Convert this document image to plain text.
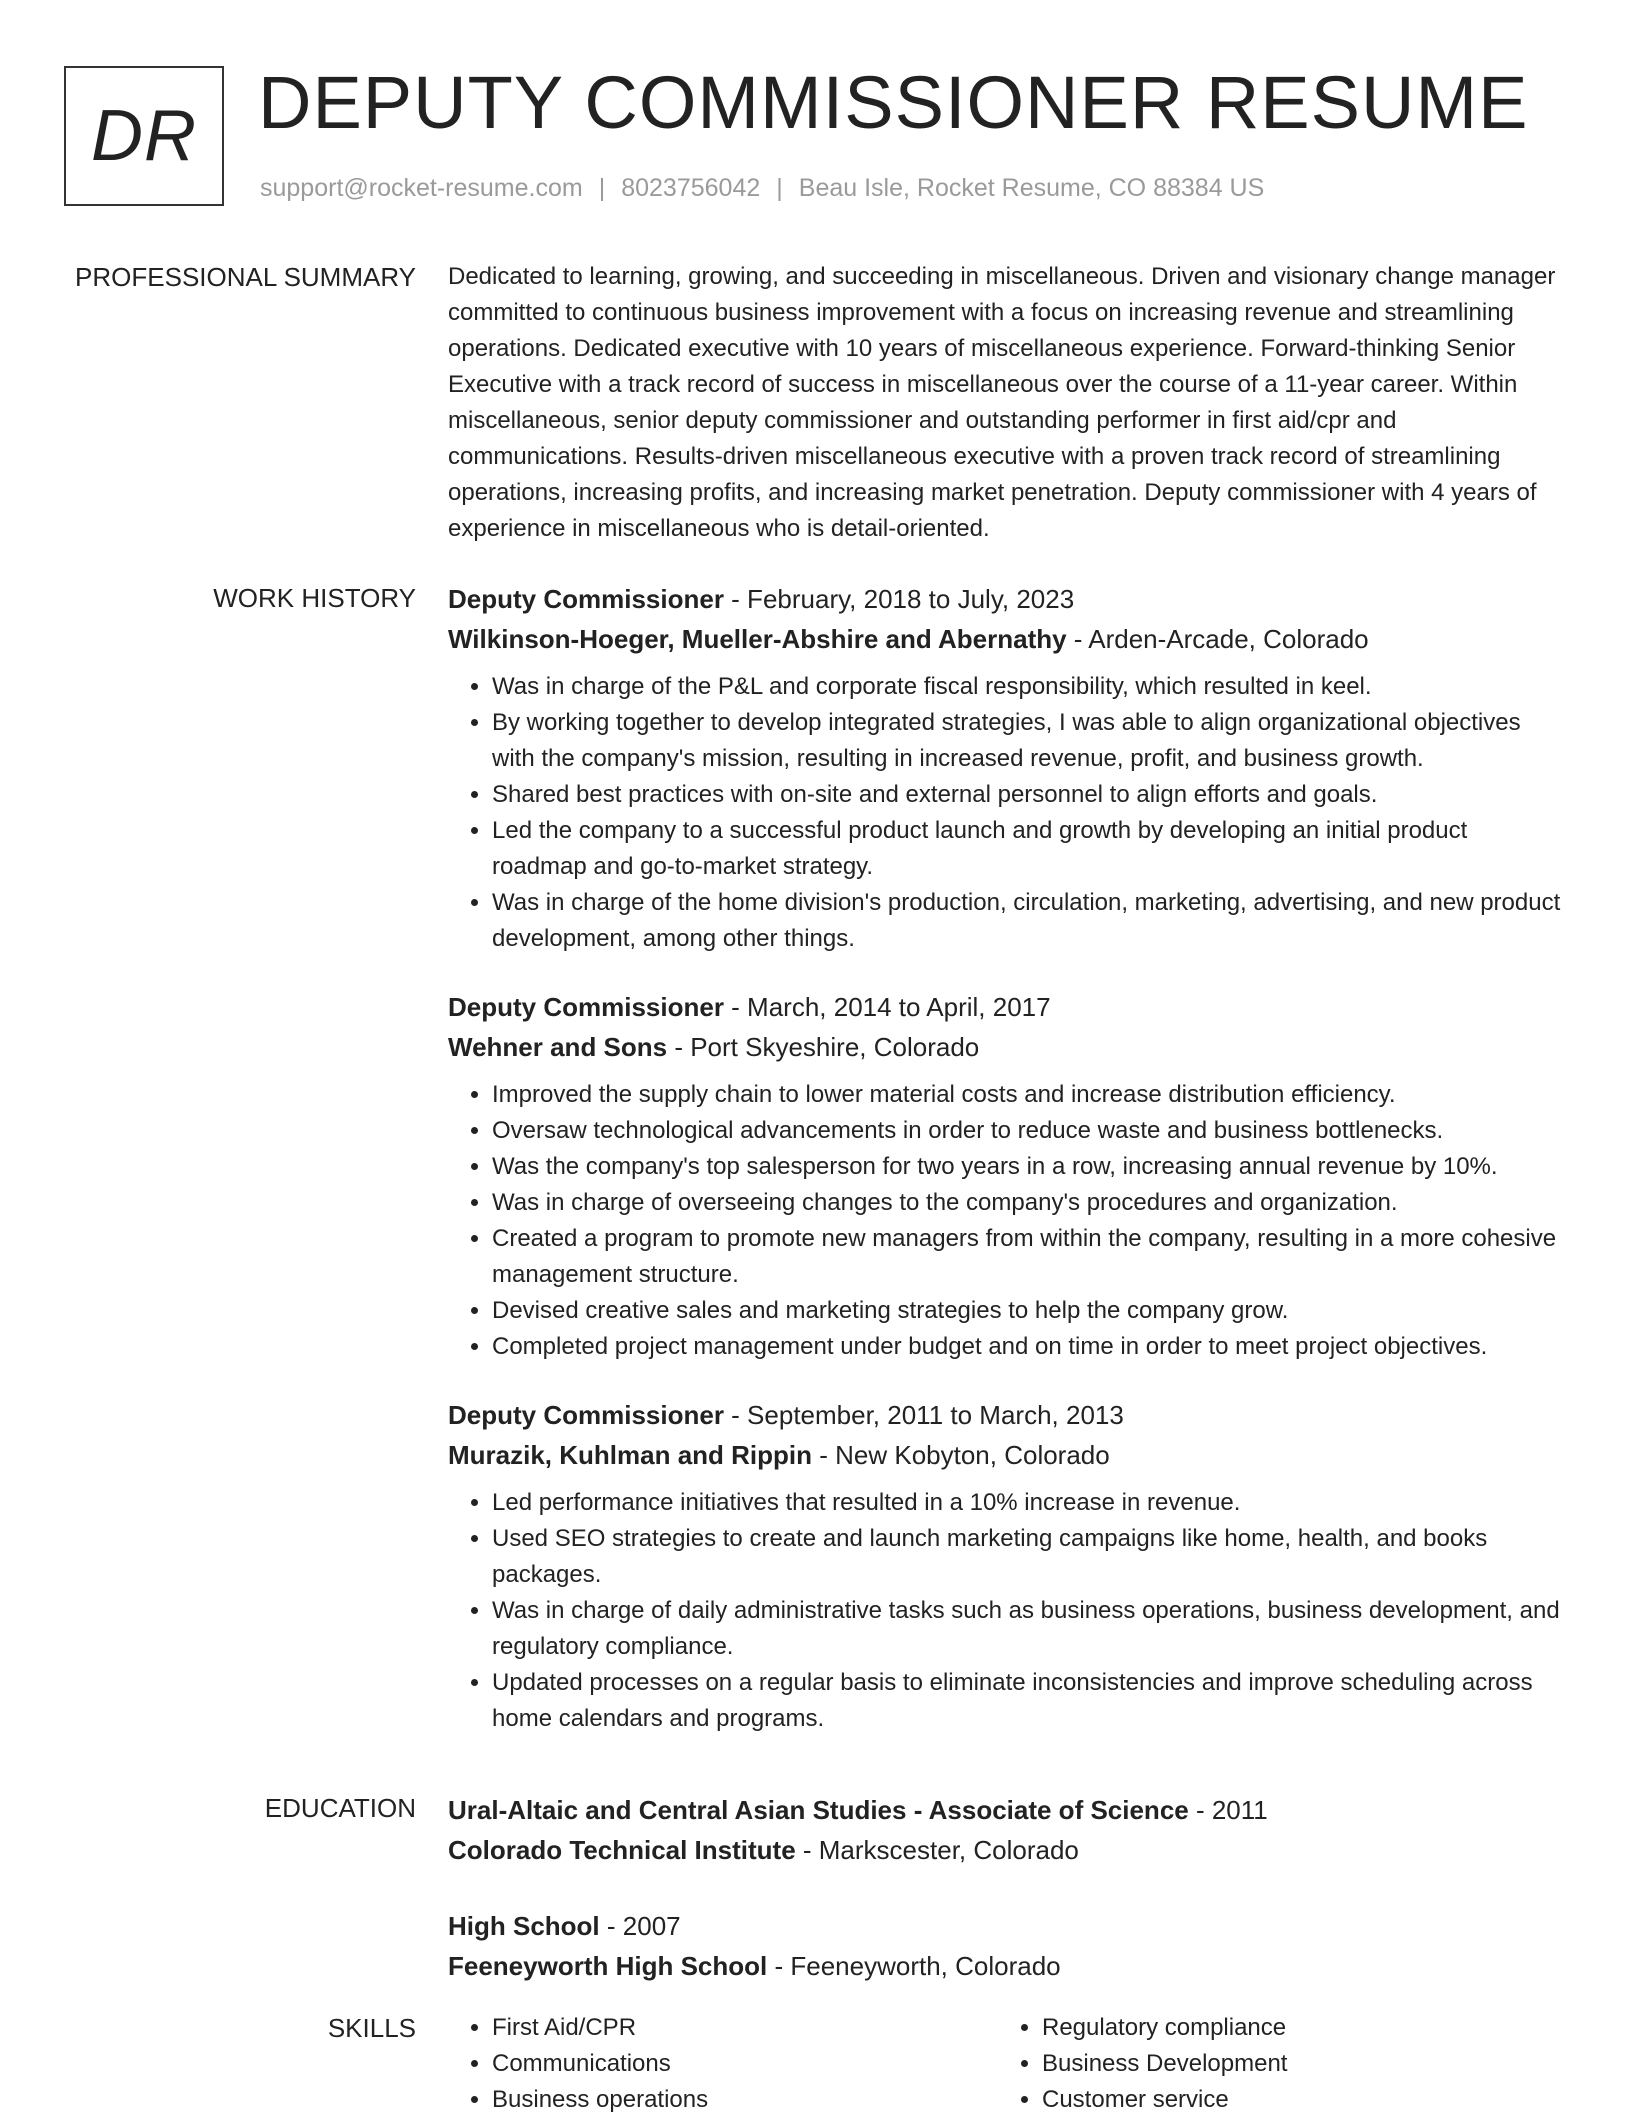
DR DEPUTY COMMISSIONER RESUME
support@rocket-resume.com | 8023756042 | Beau Isle, Rocket Resume, CO 88384 US
PROFESSIONAL SUMMARY Dedicated to learning, growing, and succeeding in miscellaneous. Driven and visionary change manager committed to continuous business improvement with a focus on increasing revenue and streamlining operations. Dedicated executive with 10 years of miscellaneous experience. Forward-thinking Senior Executive with a track record of success in miscellaneous over the course of a 11-year career. Within miscellaneous, senior deputy commissioner and outstanding performer in first aid/cpr and communications. Results-driven miscellaneous executive with a proven track record of streamlining operations, increasing profits, and increasing market penetration. Deputy commissioner with 4 years of experience in miscellaneous who is detail-oriented.

WORK HISTORY Deputy Commissioner - February, 2018 to July, 2023
Wilkinson-Hoeger, Mueller-Abshire and Abernathy - Arden-Arcade, Colorado
• Was in charge of the P&L and corporate fiscal responsibility, which resulted in keel.
• By working together to develop integrated strategies, I was able to align organizational objectives with the company's mission, resulting in increased revenue, profit, and business growth.
• Shared best practices with on-site and external personnel to align efforts and goals.
• Led the company to a successful product launch and growth by developing an initial product roadmap and go-to-market strategy.
• Was in charge of the home division's production, circulation, marketing, advertising, and new product development, among other things.
Deputy Commissioner - March, 2014 to April, 2017
Wehner and Sons - Port Skyeshire, Colorado
• Improved the supply chain to lower material costs and increase distribution efficiency.
• Oversaw technological advancements in order to reduce waste and business bottlenecks.
• Was the company's top salesperson for two years in a row, increasing annual revenue by 10%.
• Was in charge of overseeing changes to the company's procedures and organization.
• Created a program to promote new managers from within the company, resulting in a more cohesive management structure.
• Devised creative sales and marketing strategies to help the company grow.
• Completed project management under budget and on time in order to meet project objectives.
Deputy Commissioner - September, 2011 to March, 2013
Murazik, Kuhlman and Rippin - New Kobyton, Colorado
• Led performance initiatives that resulted in a 10% increase in revenue.
• Used SEO strategies to create and launch marketing campaigns like home, health, and books packages.
• Was in charge of daily administrative tasks such as business operations, business development, and regulatory compliance.
• Updated processes on a regular basis to eliminate inconsistencies and improve scheduling across home calendars and programs.
EDUCATION Ural-Altaic and Central Asian Studies - Associate of Science - 2011
Colorado Technical Institute - Markscester, Colorado
High School - 2007
Feeneyworth High School - Feeneyworth, Colorado
SKILLS
•	First Aid/CPR
• Communications
• Business operations
• Regulatory compliance
• Business Development
• Customer service
